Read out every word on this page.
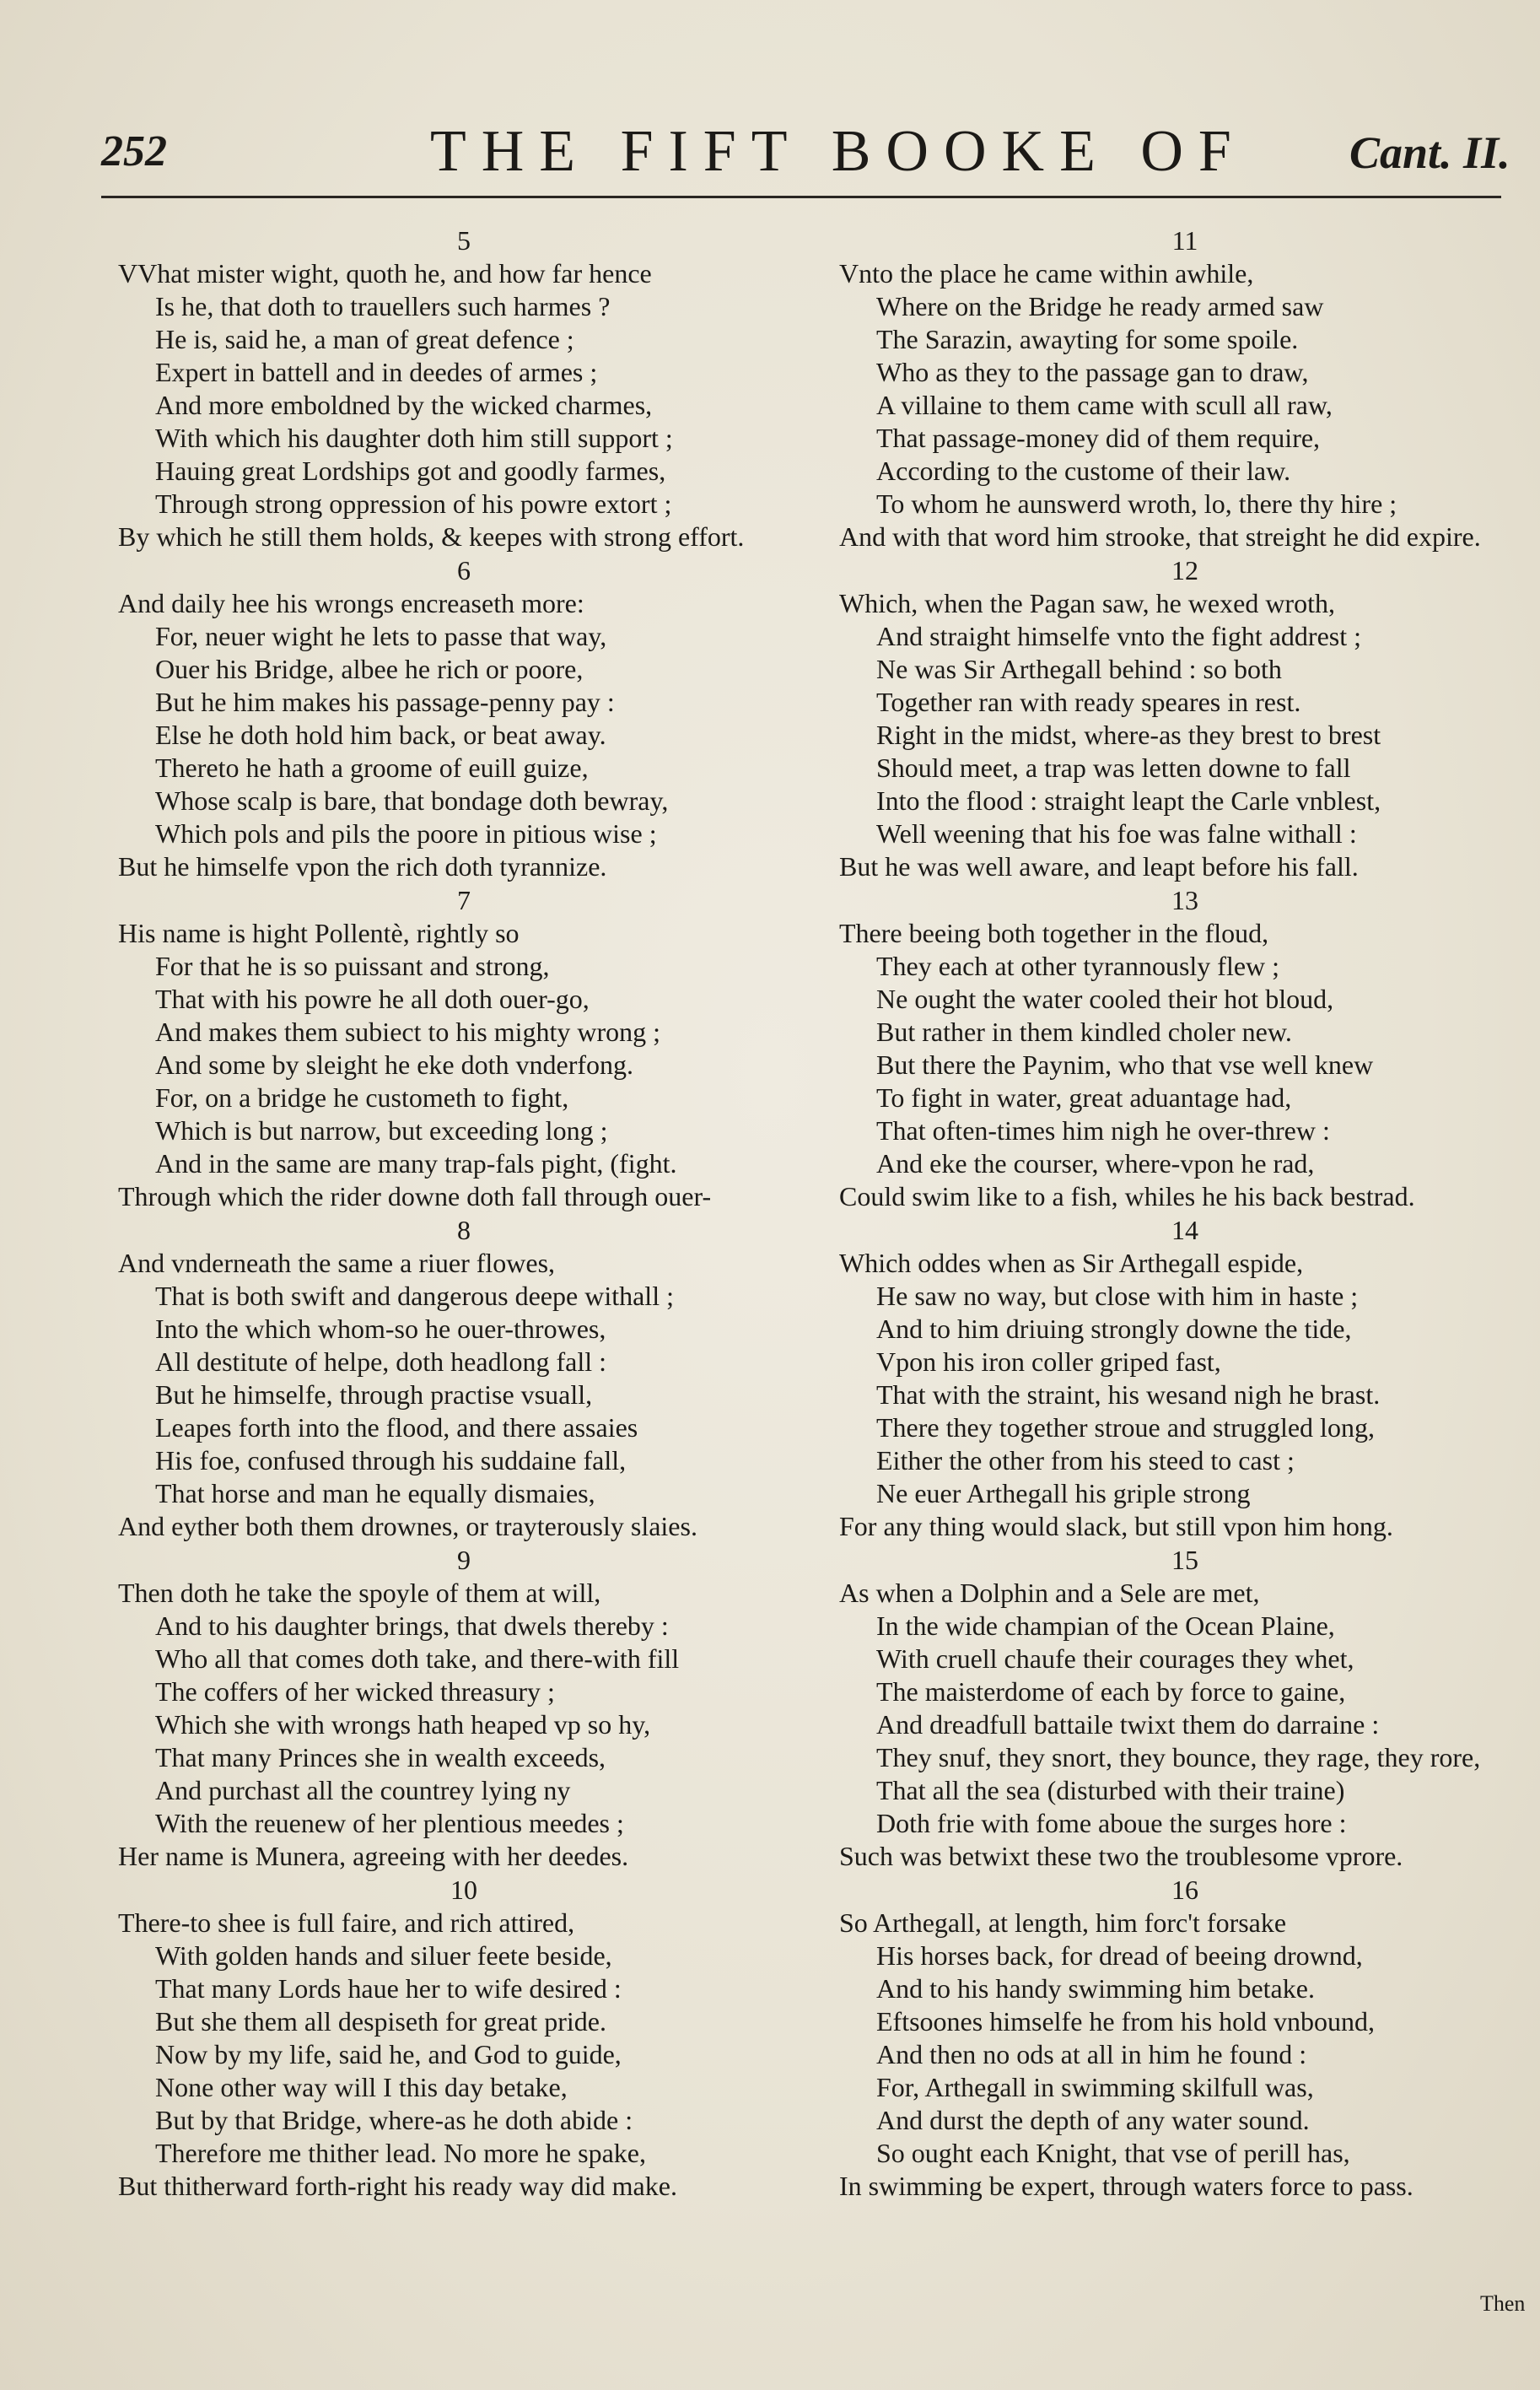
252	THE FIFT BOOKE OF Cant. II.
5
VVhat mister wight, quoth he, and how far hence
Is he, that doth to trauellers such harmes ?
He is, said he, a man of great defence ;
Expert in battell and in deedes of armes ;
And more emboldned by the wicked charmes,
With which his daughter doth him still support ;
Hauing great Lordships got and goodly farmes,
Through strong oppression of his powre extort ;
By which he still them holds, & keepes with strong effort.
6
And daily hee his wrongs encreaseth more:
For, neuer wight he lets to passe that way,
Ouer his Bridge, albee he rich or poore,
But he him makes his passage-penny pay :
Else he doth hold him back, or beat away.
Thereto he hath a groome of euill guize,
Whose scalp is bare, that bondage doth bewray,
Which pols and pils the poore in pitious wise ;
But he himselfe vpon the rich doth tyrannize.
7
His name is hight Pollentè, rightly so
For that he is so puissant and strong,
That with his powre he all doth ouer-go,
And makes them subiect to his mighty wrong ;
And some by sleight he eke doth vnderfong.
For, on a bridge he custometh to fight,
Which is but narrow, but exceeding long ;
And in the same are many trap-fals pight, (fight.
Through which the rider downe doth fall through ouer-
8
And vnderneath the same a riuer flowes,
That is both swift and dangerous deepe withall ;
Into the which whom-so he ouer-throwes,
All destitute of helpe, doth headlong fall :
But he himselfe, through practise vsuall,
Leapes forth into the flood, and there assaies
His foe, confused through his suddaine fall,
That horse and man he equally dismaies,
And eyther both them drownes, or trayterously slaies.
9
Then doth he take the spoyle of them at will,
And to his daughter brings, that dwels thereby :
Who all that comes doth take, and there-with fill
The coffers of her wicked threasury ;
Which she with wrongs hath heaped vp so hy,
That many Princes she in wealth exceeds,
And purchast all the countrey lying ny
With the reuenew of her plentious meedes ;
Her name is Munera, agreeing with her deedes.
10
There-to shee is full faire, and rich attired,
With golden hands and siluer feete beside,
That many Lords haue her to wife desired :
But she them all despiseth for great pride.
Now by my life, said he, and God to guide,
None other way will I this day betake,
But by that Bridge, where-as he doth abide :
Therefore me thither lead. No more he spake,
But thitherward forth-right his ready way did make.
11
Vnto the place he came within awhile,
Where on the Bridge he ready armed saw
The Sarazin, awayting for some spoile.
Who as they to the passage gan to draw,
A villaine to them came with scull all raw,
That passage-money did of them require,
According to the custome of their law.
To whom he aunswerd wroth, lo, there thy hire ;
And with that word him strooke, that streight he did expire.
12
Which, when the Pagan saw, he wexed wroth,
And straight himselfe vnto the fight addrest ;
Ne was Sir Arthegall behind : so both
Together ran with ready speares in rest.
Right in the midst, where-as they brest to brest
Should meet, a trap was letten downe to fall
Into the flood : straight leapt the Carle vnblest,
Well weening that his foe was falne withall :
But he was well aware, and leapt before his fall.
13
There beeing both together in the floud,
They each at other tyrannously flew ;
Ne ought the water cooled their hot bloud,
But rather in them kindled choler new.
But there the Paynim, who that vse well knew
To fight in water, great aduantage had,
That often-times him nigh he over-threw :
And eke the courser, where-vpon he rad,
Could swim like to a fish, whiles he his back bestrad.
14
Which oddes when as Sir Arthegall espide,
He saw no way, but close with him in haste ;
And to him driuing strongly downe the tide,
Vpon his iron coller griped fast,
That with the straint, his wesand nigh he brast.
There they together stroue and struggled long,
Either the other from his steed to cast ;
Ne euer Arthegall his griple strong
For any thing would slack, but still vpon him hong.
15
As when a Dolphin and a Sele are met,
In the wide champian of the Ocean Plaine,
With cruell chaufe their courages they whet,
The maisterdome of each by force to gaine,
And dreadfull battaile twixt them do darraine :
They snuf, they snort, they bounce, they rage, they rore,
That all the sea (disturbed with their traine)
Doth frie with fome aboue the surges hore :
Such was betwixt these two the troublesome vprore.
16
So Arthegall, at length, him forc't forsake
His horses back, for dread of beeing drownd,
And to his handy swimming him betake.
Eftsoones himselfe he from his hold vnbound,
And then no ods at all in him he found :
For, Arthegall in swimming skilfull was,
And durst the depth of any water sound.
So ought each Knight, that vse of perill has,
In swimming be expert, through waters force to pass.
Then
